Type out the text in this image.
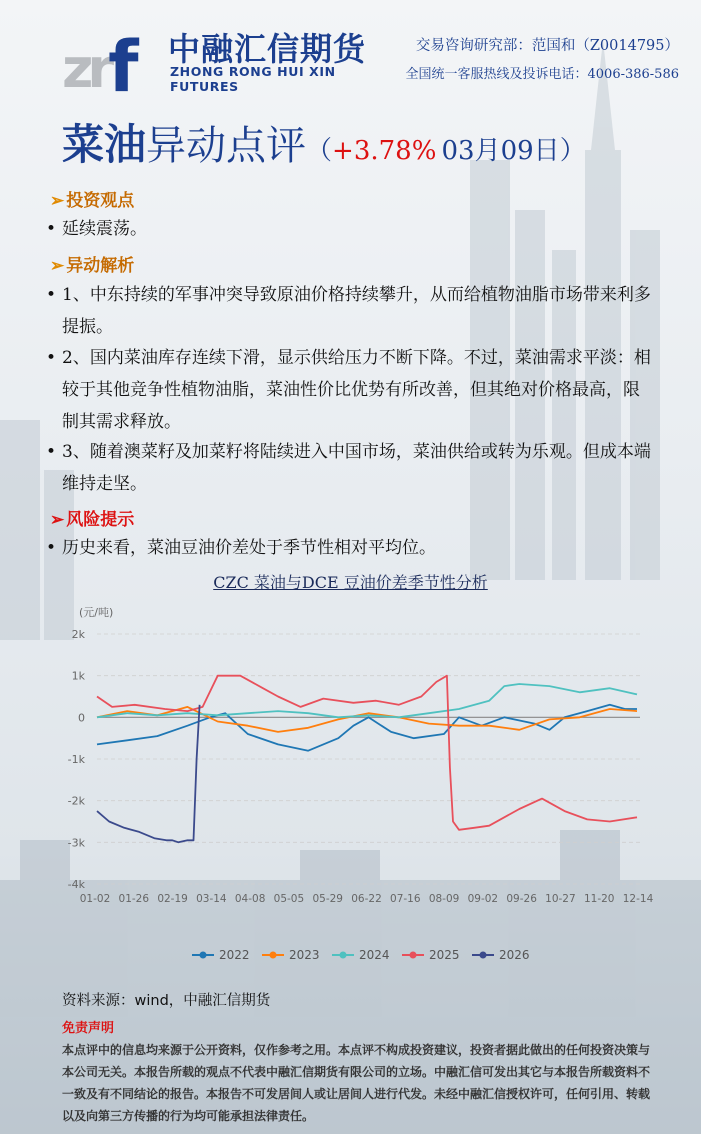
zrf 中融汇信期货
ZHONG RONG HUI XIN FUTURES
交易咨询研究部：范国和（Z0014795）
全国统一客服热线及投诉电话：4006-386-586
菜油异动点评（+3.78% 03月09日）
➢ 投资观点
• 延续震荡。
➢ 异动解析
• 1、中东持续的军事冲突导致原油价格持续攀升，从而给植物油脂市场带来利多提振。
• 2、国内菜油库存连续下滑，显示供给压力不断下降。不过，菜油需求平淡：相较于其他竞争性植物油脂，菜油性价比优势有所改善，但其绝对价格最高，限制其需求释放。
• 3、随着澳菜籽及加菜籽将陆续进入中国市场，菜油供给或转为乐观。但成本端维持走坚。
➢ 风险提示
• 历史来看，菜油豆油价差处于季节性相对平均位。
CZC 菜油与DCE 豆油价差季节性分析
(元/吨)
2k
1k
0
-1k
-2k
-3k
-4k
01-02 01-26 02-19 03-14 04-08 05-05 05-29 06-22 07-16 08-09 09-02 09-26 10-27 11-20 12-14
2022	2023	2024	2025	2026
资料来源：wind，中融汇信期货
免责声明
本点评中的信息均来源于公开资料，仅作参考之用。本点评不构成投资建议，投资者据此做出的任何投资决策与本公司无关。本报告所载的观点不代表中融汇信期货有限公司的立场。中融汇信可发出其它与本报告所载资料不一致及有不同结论的报告。本报告不可发居间人或让居间人进行代发。未经中融汇信授权许可，任何引用、转载以及向第三方传播的行为均可能承担法律责任。
